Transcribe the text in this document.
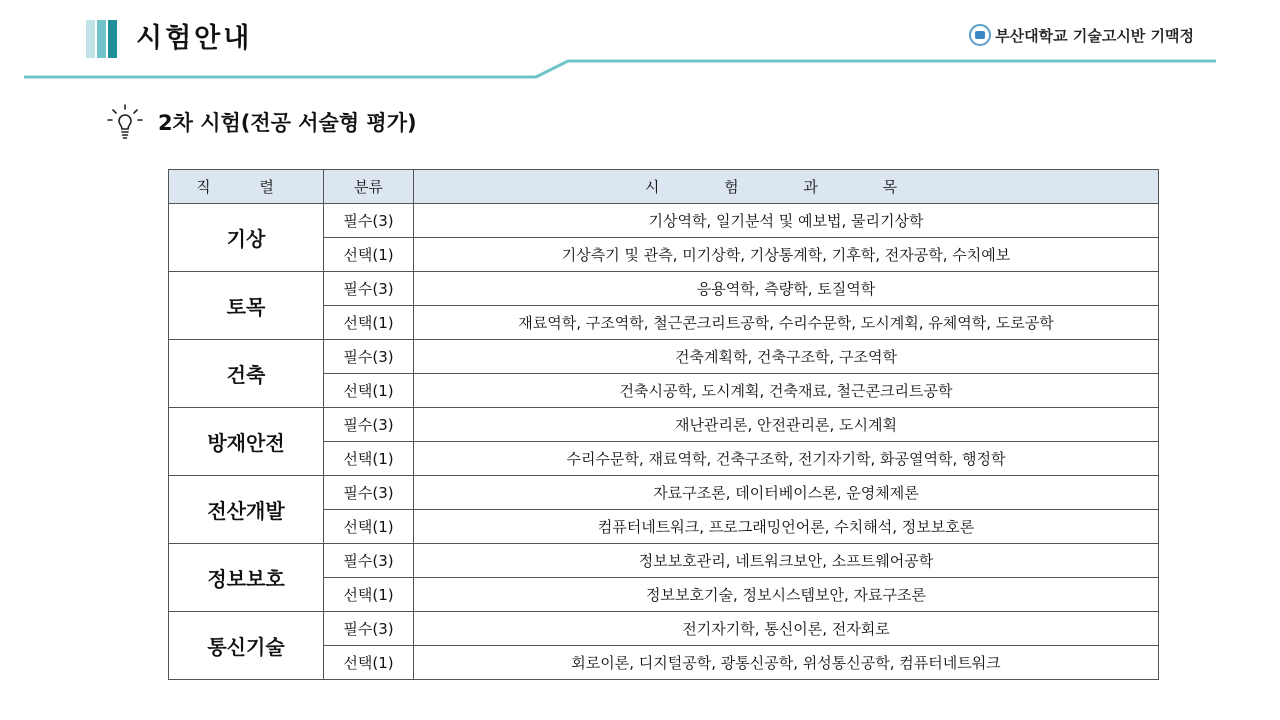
시험안내	부산대학교 기술고시반 기맥정
2차 시험(전공 서술형 평가)
직 렬	분류	시 험 과 목
기상	필수(3)	기상역학, 일기분석 및 예보법, 물리기상학
	선택(1)	기상측기 및 관측, 미기상학, 기상통계학, 기후학, 전자공학, 수치예보
토목	필수(3)	응용역학, 측량학, 토질역학
	선택(1)	재료역학, 구조역학, 철근콘크리트공학, 수리수문학, 도시계획, 유체역학, 도로공학
건축	필수(3)	건축계획학, 건축구조학, 구조역학
	선택(1)	건축시공학, 도시계획, 건축재료, 철근콘크리트공학
방재안전	필수(3)	재난관리론, 안전관리론, 도시계획
	선택(1)	수리수문학, 재료역학, 건축구조학, 전기자기학, 화공열역학, 행정학
전산개발	필수(3)	자료구조론, 데이터베이스론, 운영체제론
	선택(1)	컴퓨터네트워크, 프로그래밍언어론, 수치해석, 정보보호론
정보보호	필수(3)	정보보호관리, 네트워크보안, 소프트웨어공학
	선택(1)	정보보호기술, 정보시스템보안, 자료구조론
통신기술	필수(3)	전기자기학, 통신이론, 전자회로
	선택(1)	회로이론, 디지털공학, 광통신공학, 위성통신공학, 컴퓨터네트워크
